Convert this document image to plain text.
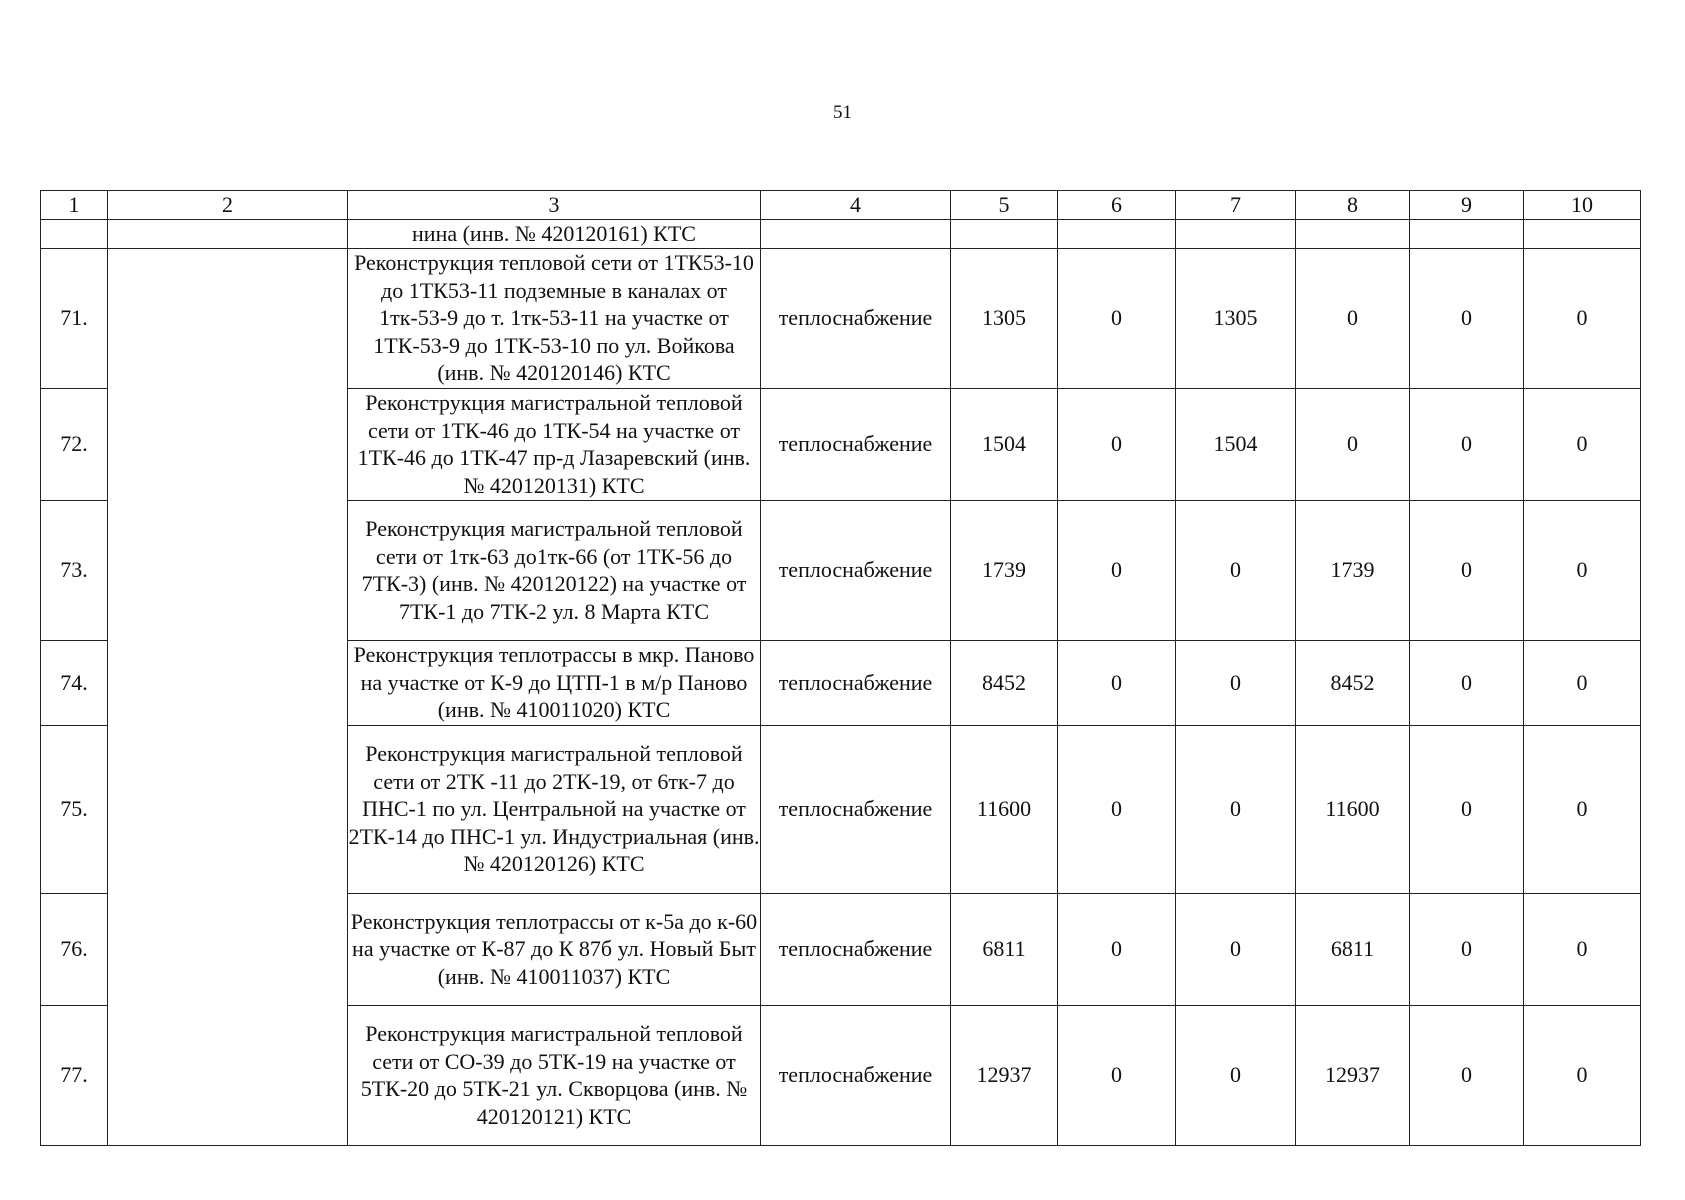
51
1	2	3	4	5	6	7	8	9	10
		нина (инв. № 420120161) КТС							
71.		Реконструкция тепловой сети от 1ТК53-10 до 1ТК53-11 подземные в каналах от 1тк-53-9 до т. 1тк-53-11 на участке от 1ТК-53-9 до 1ТК-53-10 по ул. Войкова (инв. № 420120146) КТС	теплоснабжение	1305	0	1305	0	0	0
72.		Реконструкция магистральной тепловой сети от 1ТК-46 до 1ТК-54 на участке от 1ТК-46 до 1ТК-47 пр-д Лазаревский (инв. № 420120131) КТС	теплоснабжение	1504	0	1504	0	0	0
73.		Реконструкция магистральной тепловой сети от 1тк-63 до1тк-66 (от 1ТК-56 до 7ТК-3) (инв. № 420120122) на участке от 7ТК-1 до 7ТК-2 ул. 8 Марта КТС	теплоснабжение	1739	0	0	1739	0	0
74.		Реконструкция теплотрассы в мкр. Паново на участке от К-9 до ЦТП-1 в м/р Паново (инв. № 410011020) КТС	теплоснабжение	8452	0	0	8452	0	0
75.		Реконструкция магистральной тепловой сети от 2ТК -11 до 2ТК-19, от 6тк-7 до ПНС-1 по ул. Центральной на участке от 2ТК-14 до ПНС-1 ул. Индустриальная (инв. № 420120126) КТС	теплоснабжение	11600	0	0	11600	0	0
76.		Реконструкция теплотрассы от к-5а до к-60 на участке от К-87 до К 87б ул. Новый Быт (инв. № 410011037) КТС	теплоснабжение	6811	0	0	6811	0	0
77.		Реконструкция магистральной тепловой сети от СО-39 до 5ТК-19 на участке от 5ТК-20 до 5ТК-21 ул. Скворцова (инв. № 420120121) КТС	теплоснабжение	12937	0	0	12937	0	0
